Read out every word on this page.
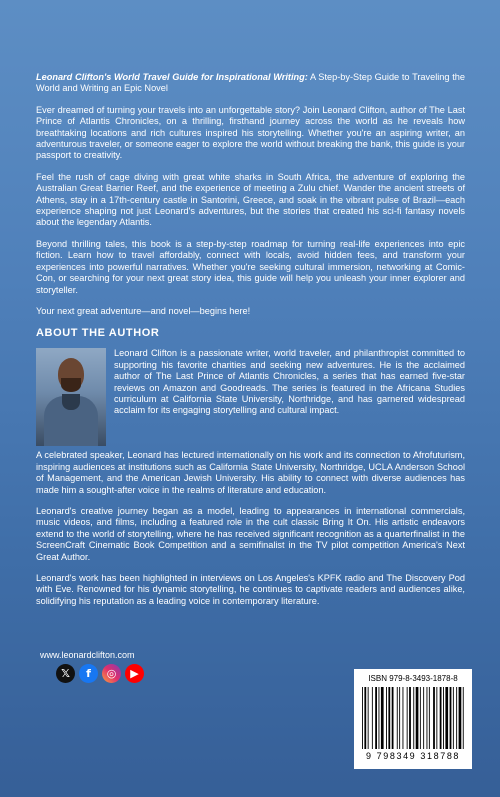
Leonard Clifton's World Travel Guide for Inspirational Writing: A Step-by-Step Guide to Traveling the World and Writing an Epic Novel

Ever dreamed of turning your travels into an unforgettable story? Join Leonard Clifton, author of The Last Prince of Atlantis Chronicles, on a thrilling, firsthand journey across the world as he reveals how breathtaking locations and rich cultures inspired his storytelling. Whether you're an aspiring writer, an adventurous traveler, or someone eager to explore the world without breaking the bank, this guide is your passport to creativity.

Feel the rush of cage diving with great white sharks in South Africa, the adventure of exploring the Australian Great Barrier Reef, and the experience of meeting a Zulu chief. Wander the ancient streets of Athens, stay in a 17th-century castle in Santorini, Greece, and soak in the vibrant pulse of Brazil—each experience shaping not just Leonard's adventures, but the stories that created his sci-fi fantasy novels about the legendary Atlantis.

Beyond thrilling tales, this book is a step-by-step roadmap for turning real-life experiences into epic fiction. Learn how to travel affordably, connect with locals, avoid hidden fees, and transform your experiences into powerful narratives. Whether you're seeking cultural immersion, networking at Comic-Con, or searching for your next great story idea, this guide will help you unleash your inner explorer and storyteller.

Your next great adventure—and novel—begins here!

ABOUT THE AUTHOR

Leonard Clifton is a passionate writer, world traveler, and philanthropist committed to supporting his favorite charities and seeking new adventures. He is the acclaimed author of The Last Prince of Atlantis Chronicles, a series that has earned five-star reviews on Amazon and Goodreads. The series is featured in the Africana Studies curriculum at California State University, Northridge, and has garnered widespread acclaim for its engaging storytelling and cultural impact.

A celebrated speaker, Leonard has lectured internationally on his work and its connection to Afrofuturism, inspiring audiences at institutions such as California State University, Northridge, UCLA Anderson School of Management, and the American Jewish University. His ability to connect with diverse audiences has made him a sought-after voice in the realms of literature and education.

Leonard's creative journey began as a model, leading to appearances in international commercials, music videos, and films, including a featured role in the cult classic Bring It On. His artistic endeavors extend to the world of storytelling, where he has received significant recognition as a quarterfinalist in the ScreenCraft Cinematic Book Competition and a semifinalist in the TV pilot competition America's Next Great Author.

Leonard's work has been highlighted in interviews on Los Angeles's KPFK radio and The Discovery Pod with Eve. Renowned for his dynamic storytelling, he continues to captivate readers and audiences alike, solidifying his reputation as a leading voice in contemporary literature.

www.leonardclifton.com
𝕏	f	◎	▶	ISBN 979-8-3493-1878-8
9 798349 318788
